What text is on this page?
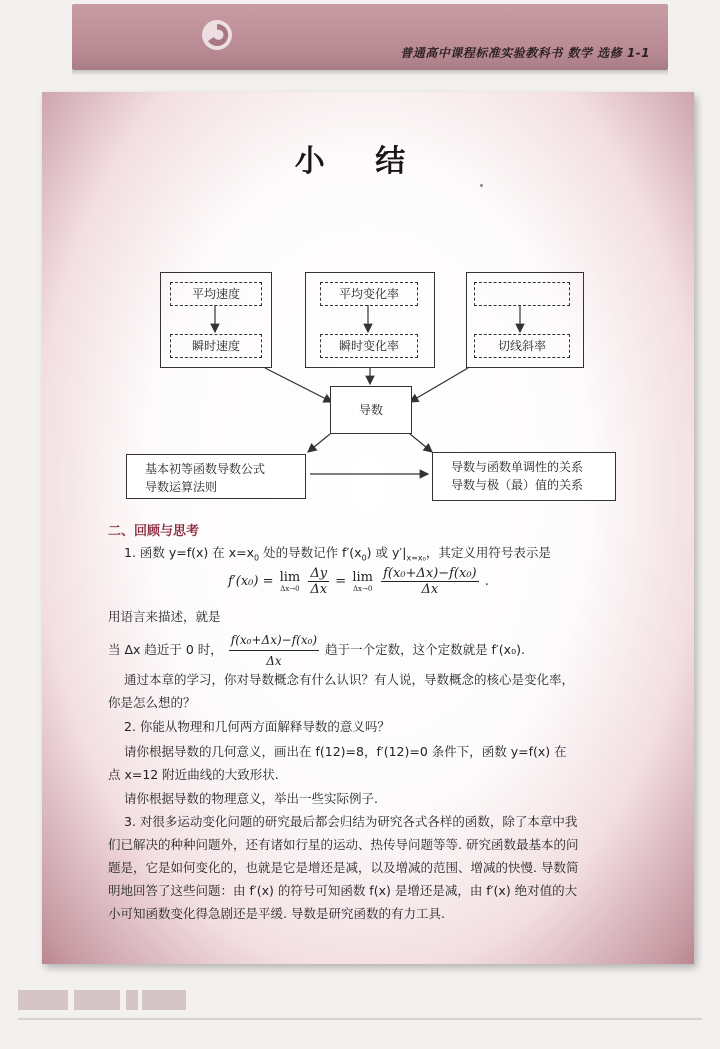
普通高中课程标准实验教科书 数学 选修 1-1
小 结
平均速度
瞬时速度
平均变化率
瞬时变化率	切线斜率
导数
基本初等函数导数公式
导数运算法则
导数与函数单调性的关系
导数与极（最）值的关系
二、回顾与思考
1. 函数 y=f(x) 在 $x=x_0$ 处的导数记作 $f'(x_0)$ 或 $y'|_{x=x_0}$，其定义用符号表示是
f′(x₀) = lim
Δx→0
$\frac{\Delta y}{\Delta x} = \lim$
Δx→0
$\frac{\text{f(x₀+Δx)−f(x₀)}}{\Delta x}$ .
用语言来描述，就是
当 Δx 趋近于 0 时， $\frac{\text{f(x₀+Δx)−f(x₀)}}{\Delta x}$ 趋于一个定数，这个定数就是 f′(x₀).
通过本章的学习，你对导数概念有什么认识？有人说，导数概念的核心是变化率，
你是怎么想的？
2. 你能从物理和几何两方面解释导数的意义吗？
请你根据导数的几何意义，画出在 f(12)=8，f′(12)=0 条件下，函数 y=f(x) 在
点 x=12 附近曲线的大致形状.
请你根据导数的物理意义，举出一些实际例子.
3. 对很多运动变化问题的研究最后都会归结为研究各式各样的函数，除了本章中我
们已解决的种种问题外，还有诸如行星的运动、热传导问题等等. 研究函数最基本的问
题是，它是如何变化的，也就是它是增还是减，以及增减的范围、增减的快慢. 导数简
明地回答了这些问题：由 f′(x) 的符号可知函数 f(x) 是增还是减，由 f′(x) 绝对值的大
小可知函数变化得急剧还是平缓. 导数是研究函数的有力工具.
